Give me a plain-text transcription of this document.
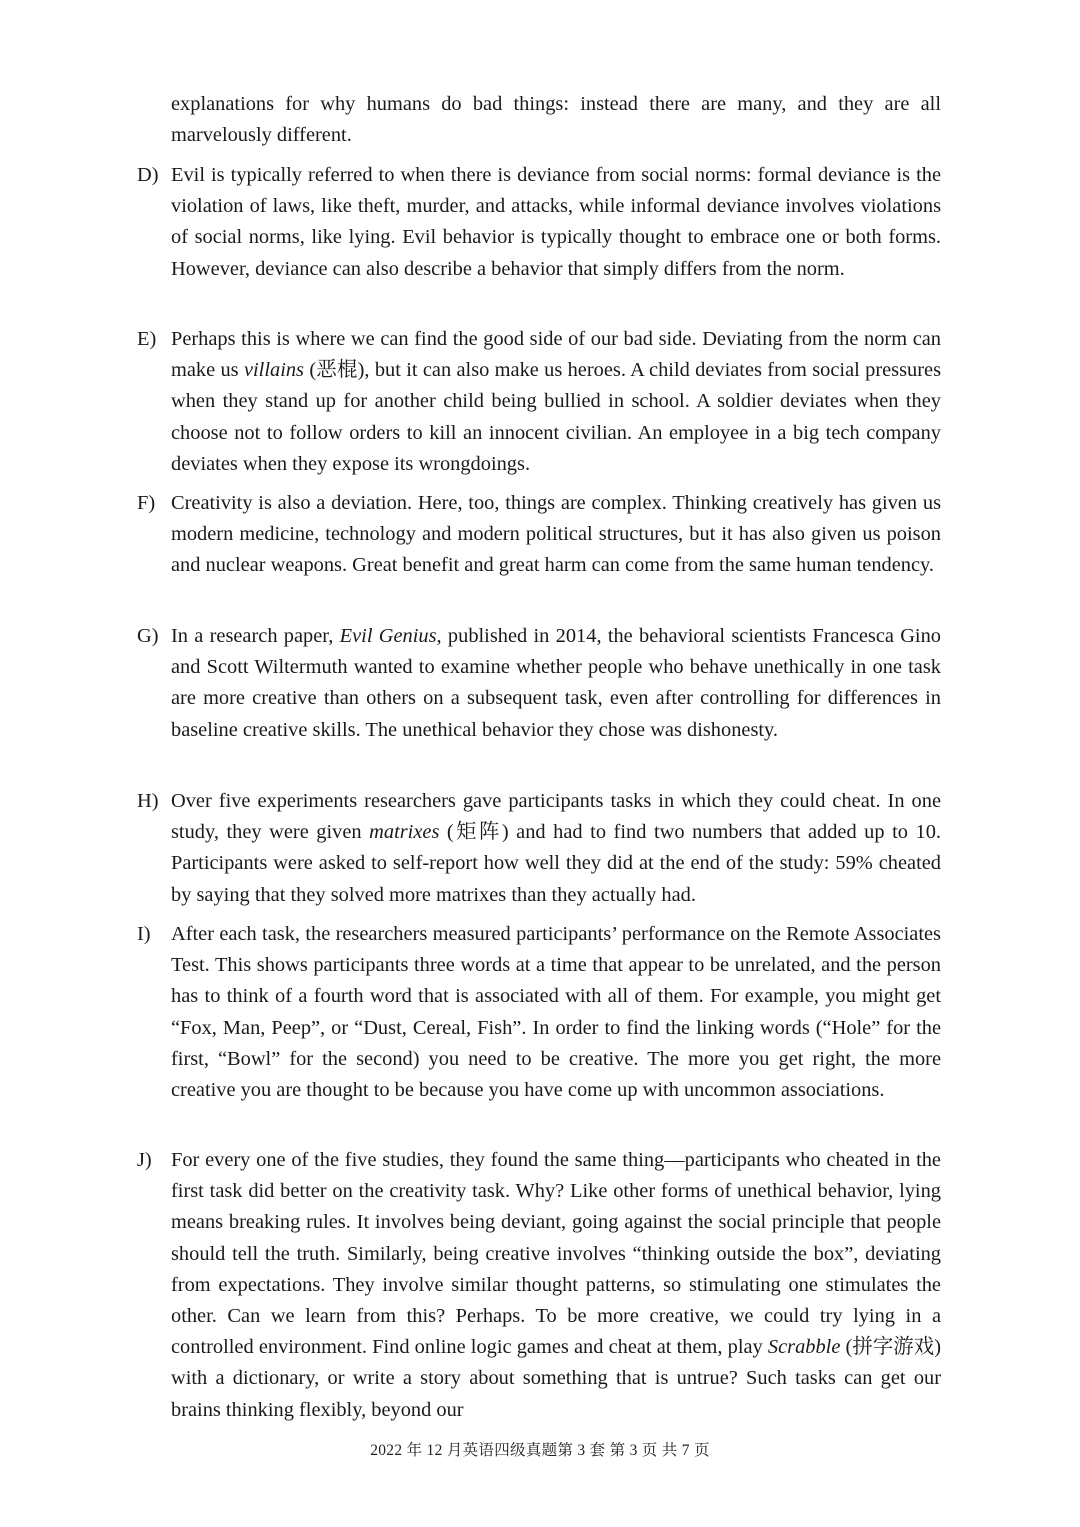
explanations for why humans do bad things: instead there are many, and they are all marvelously different.
D) Evil is typically referred to when there is deviance from social norms: formal deviance is the violation of laws, like theft, murder, and attacks, while informal deviance involves violations of social norms, like lying. Evil behavior is typically thought to embrace one or both forms. However, deviance can also describe a behavior that simply differs from the norm.
E) Perhaps this is where we can find the good side of our bad side. Deviating from the norm can make us villains (恶棍), but it can also make us heroes. A child deviates from social pressures when they stand up for another child being bullied in school. A soldier deviates when they choose not to follow orders to kill an innocent civilian. An employee in a big tech company deviates when they expose its wrongdoings.
F) Creativity is also a deviation. Here, too, things are complex. Thinking creatively has given us modern medicine, technology and modern political structures, but it has also given us poison and nuclear weapons. Great benefit and great harm can come from the same human tendency.
G) In a research paper, Evil Genius, published in 2014, the behavioral scientists Francesca Gino and Scott Wiltermuth wanted to examine whether people who behave unethically in one task are more creative than others on a subsequent task, even after controlling for differences in baseline creative skills. The unethical behavior they chose was dishonesty.
H) Over five experiments researchers gave participants tasks in which they could cheat. In one study, they were given matrixes (矩阵) and had to find two numbers that added up to 10. Participants were asked to self-report how well they did at the end of the study: 59% cheated by saying that they solved more matrixes than they actually had.
I)	After each task, the researchers measured participants’ performance on the Remote Associates Test. This shows participants three words at a time that appear to be unrelated, and the person has to think of a fourth word that is associated with all of them. For example, you might get “Fox, Man, Peep”, or “Dust, Cereal, Fish”. In order to find the linking words (“Hole” for the first, “Bowl” for the second) you need to be creative. The more you get right, the more creative you are thought to be because you have come up with uncommon associations.
J) For every one of the five studies, they found the same thing—participants who cheated in the first task did better on the creativity task. Why? Like other forms of unethical behavior, lying means breaking rules. It involves being deviant, going against the social principle that people should tell the truth. Similarly, being creative involves “thinking outside the box”, deviating from expectations. They involve similar thought patterns, so stimulating one stimulates the other. Can we learn from this? Perhaps. To be more creative, we could try lying in a controlled environment. Find online logic games and cheat at them, play Scrabble (拼字游戏) with a dictionary, or write a story about something that is untrue? Such tasks can get our brains thinking flexibly, beyond our
2022 年 12 月英语四级真题第 3 套 第 3 页 共 7 页
